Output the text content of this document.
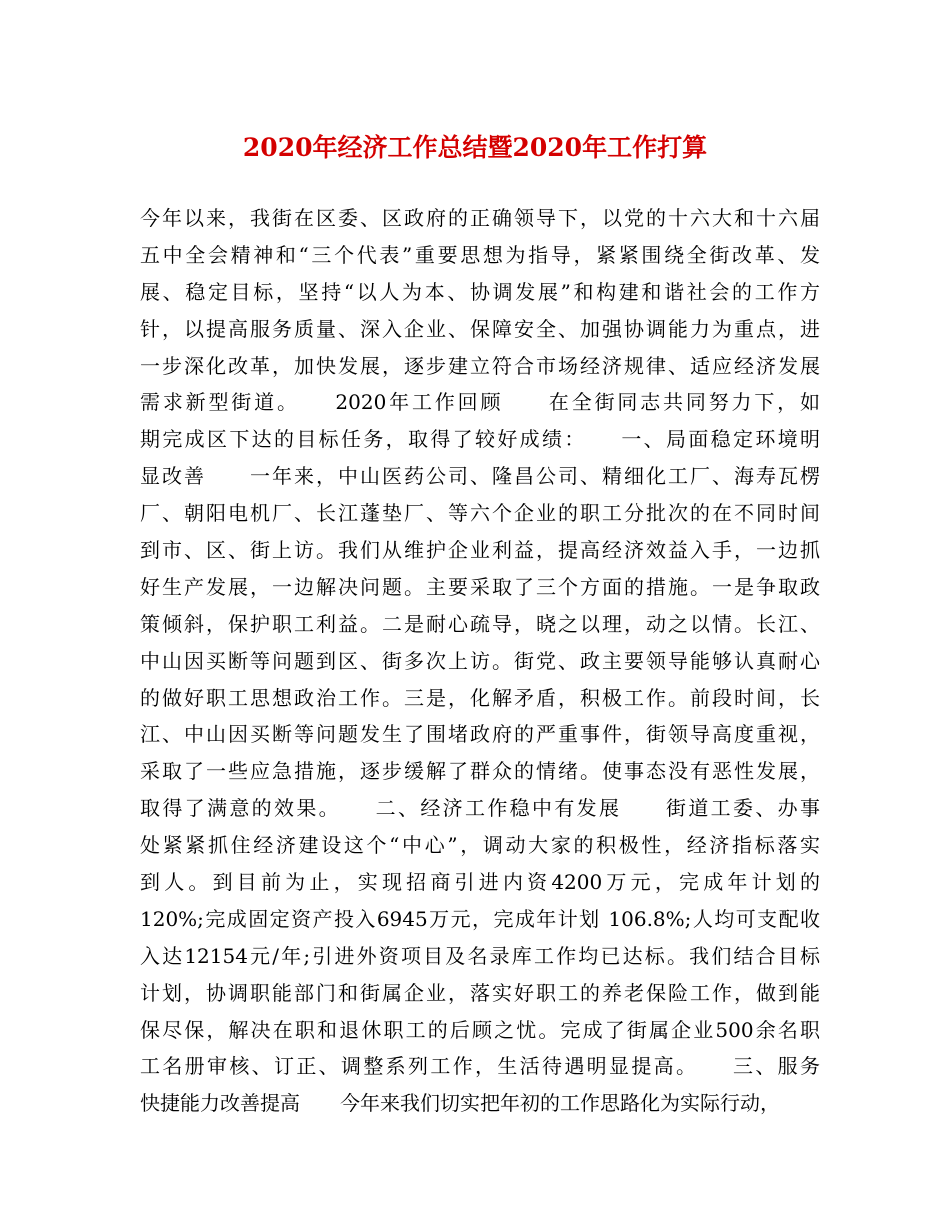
2020年经济工作总结暨2020年工作打算
今年以来，我街在区委、区政府的正确领导下，以党的十六大和十六届
五中全会精神和“三个代表”重要思想为指导，紧紧围绕全街改革、发
展、稳定目标，坚持“以人为本、协调发展”和构建和谐社会的工作方
针，以提高服务质量、深入企业、保障安全、加强协调能力为重点，进
一步深化改革，加快发展，逐步建立符合市场经济规律、适应经济发展
需求新型街道。　　2020年工作回顾　　在全街同志共同努力下，如
期完成区下达的目标任务，取得了较好成绩：　　一、局面稳定环境明
显改善　　一年来，中山医药公司、隆昌公司、精细化工厂、海寿瓦楞
厂、朝阳电机厂、长江蓬垫厂、等六个企业的职工分批次的在不同时间
到市、区、街上访。我们从维护企业利益，提高经济效益入手，一边抓
好生产发展，一边解决问题。主要采取了三个方面的措施。一是争取政
策倾斜，保护职工利益。二是耐心疏导，晓之以理，动之以情。长江、
中山因买断等问题到区、街多次上访。街党、政主要领导能够认真耐心
的做好职工思想政治工作。三是，化解矛盾，积极工作。前段时间，长
江、中山因买断等问题发生了围堵政府的严重事件，街领导高度重视，
采取了一些应急措施，逐步缓解了群众的情绪。使事态没有恶性发展，
取得了满意的效果。　　二、经济工作稳中有发展　　街道工委、办事
处紧紧抓住经济建设这个“中心”，调动大家的积极性，经济指标落实
到人。到目前为止，实现招商引进内资4200万元，完成年计划的
120%;完成固定资产投入6945万元，完成年计划 106.8%;人均可支配收
入达12154元/年;引进外资项目及名录库工作均已达标。我们结合目标
计划，协调职能部门和街属企业，落实好职工的养老保险工作，做到能
保尽保，解决在职和退休职工的后顾之忧。完成了街属企业500余名职
工名册审核、订正、调整系列工作，生活待遇明显提高。　　三、服务
快捷能力改善提高　　今年来我们切实把年初的工作思路化为实际行动，
